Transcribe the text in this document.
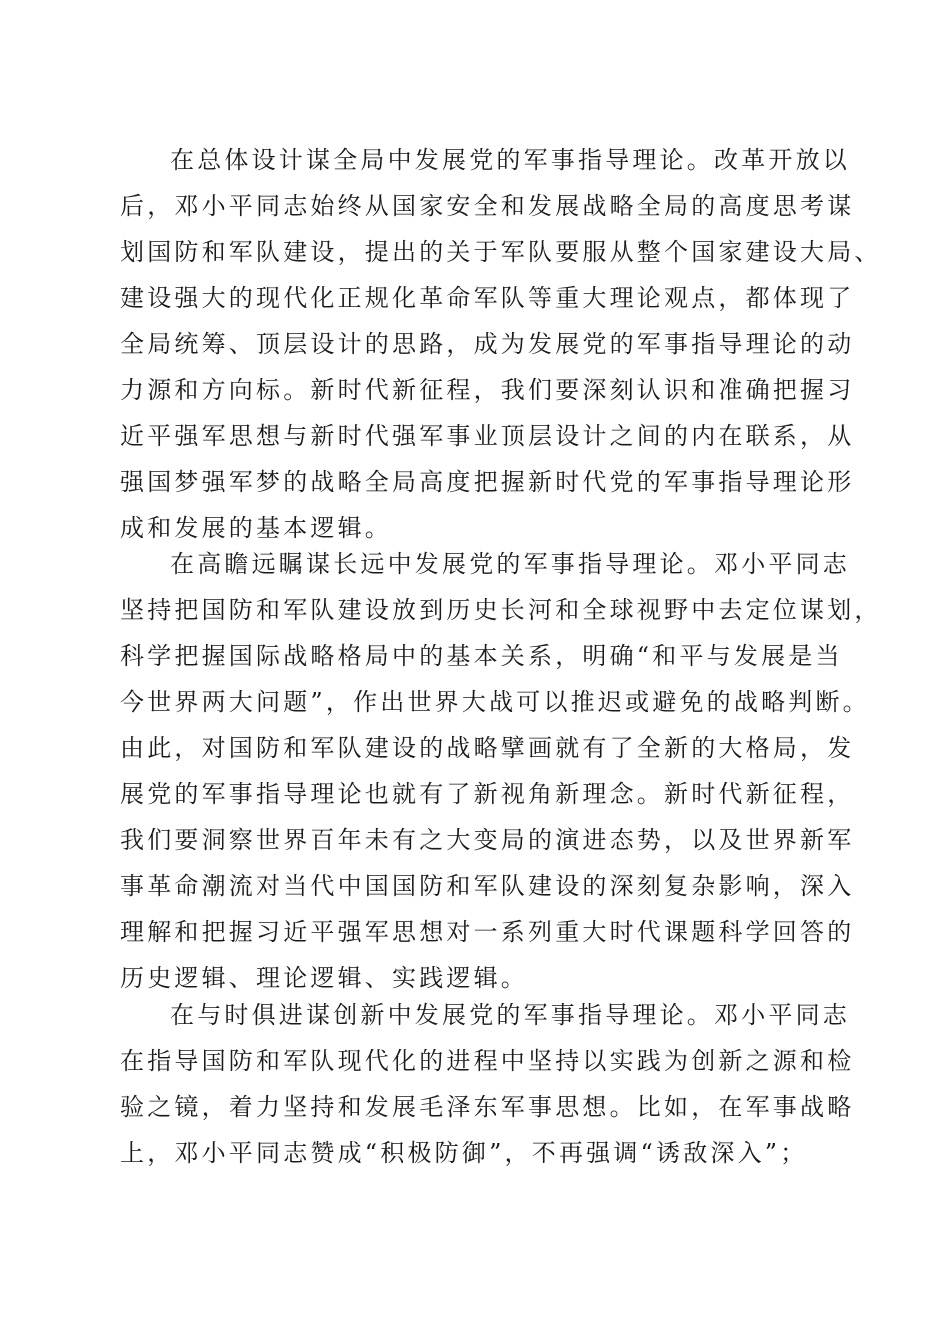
在总体设计谋全局中发展党的军事指导理论。改革开放以
后，邓小平同志始终从国家安全和发展战略全局的高度思考谋
划国防和军队建设，提出的关于军队要服从整个国家建设大局、
建设强大的现代化正规化革命军队等重大理论观点，都体现了
全局统筹、顶层设计的思路，成为发展党的军事指导理论的动
力源和方向标。新时代新征程，我们要深刻认识和准确把握习
近平强军思想与新时代强军事业顶层设计之间的内在联系，从
强国梦强军梦的战略全局高度把握新时代党的军事指导理论形
成和发展的基本逻辑。
在高瞻远瞩谋长远中发展党的军事指导理论。邓小平同志
坚持把国防和军队建设放到历史长河和全球视野中去定位谋划，
科学把握国际战略格局中的基本关系，明确“和平与发展是当
今世界两大问题”，作出世界大战可以推迟或避免的战略判断。
由此，对国防和军队建设的战略擘画就有了全新的大格局，发
展党的军事指导理论也就有了新视角新理念。新时代新征程，
我们要洞察世界百年未有之大变局的演进态势，以及世界新军
事革命潮流对当代中国国防和军队建设的深刻复杂影响，深入
理解和把握习近平强军思想对一系列重大时代课题科学回答的
历史逻辑、理论逻辑、实践逻辑。
在与时俱进谋创新中发展党的军事指导理论。邓小平同志
在指导国防和军队现代化的进程中坚持以实践为创新之源和检
验之镜，着力坚持和发展毛泽东军事思想。比如，在军事战略
上，邓小平同志赞成“积极防御”，不再强调“诱敌深入”；
